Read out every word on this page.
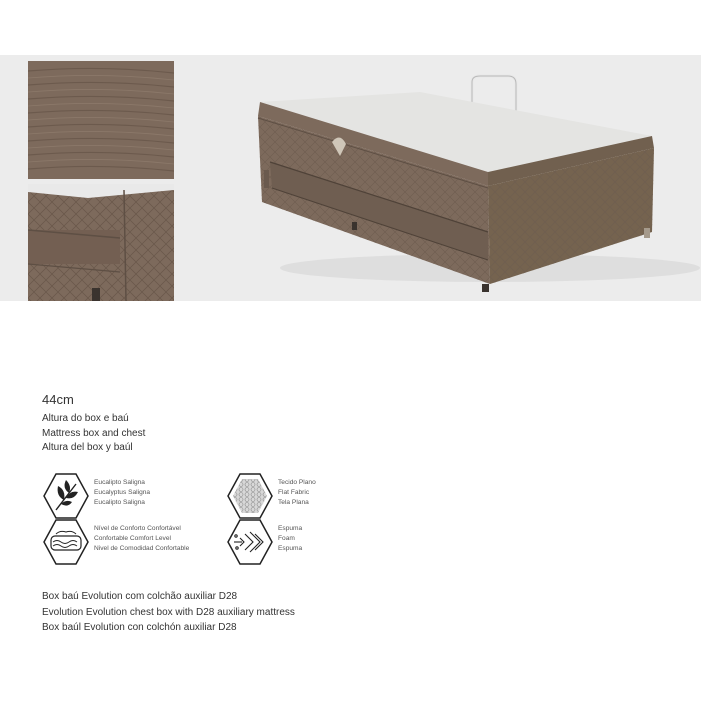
44cm
Altura do box e baú
Mattress box and chest
Altura del box y baúl
Eucalipto Saligna
Eucalyptus Saligna
Eucalipto Saligna
Tecido Plano
Flat Fabric
Tela Plana
Nível de Conforto Confortável
Confortable Comfort Level
Nivel de Comodidad Confortable
Espuma
Foam
Espuma
Box baú Evolution com colchão auxiliar D28
Evolution Evolution chest box with D28 auxiliary mattress
Box baúl Evolution con colchón auxiliar D28
